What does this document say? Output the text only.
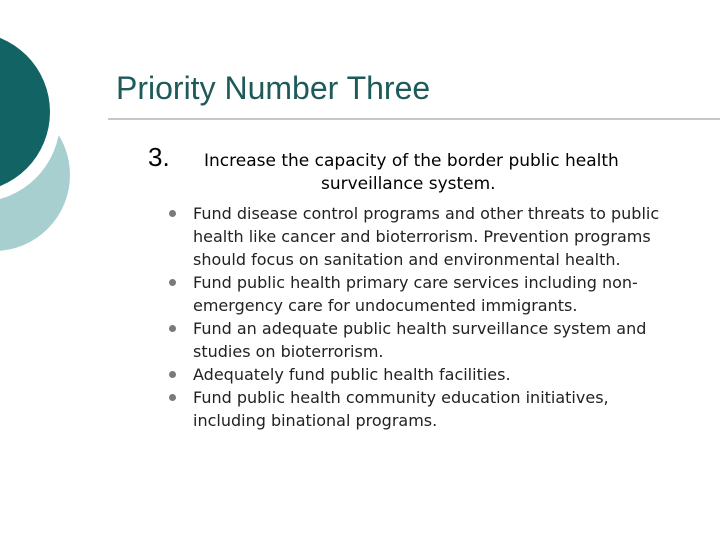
Priority Number Three
3. Increase the capacity of the border public health
surveillance system.

Fund disease control programs and other threats to public health like cancer and bioterrorism. Prevention programs should focus on sanitation and environmental health.
Fund public health primary care services including non-emergency care for undocumented immigrants.
Fund an adequate public health surveillance system and studies on bioterrorism.
Adequately fund public health facilities.
Fund public health community education initiatives, including binational programs.
